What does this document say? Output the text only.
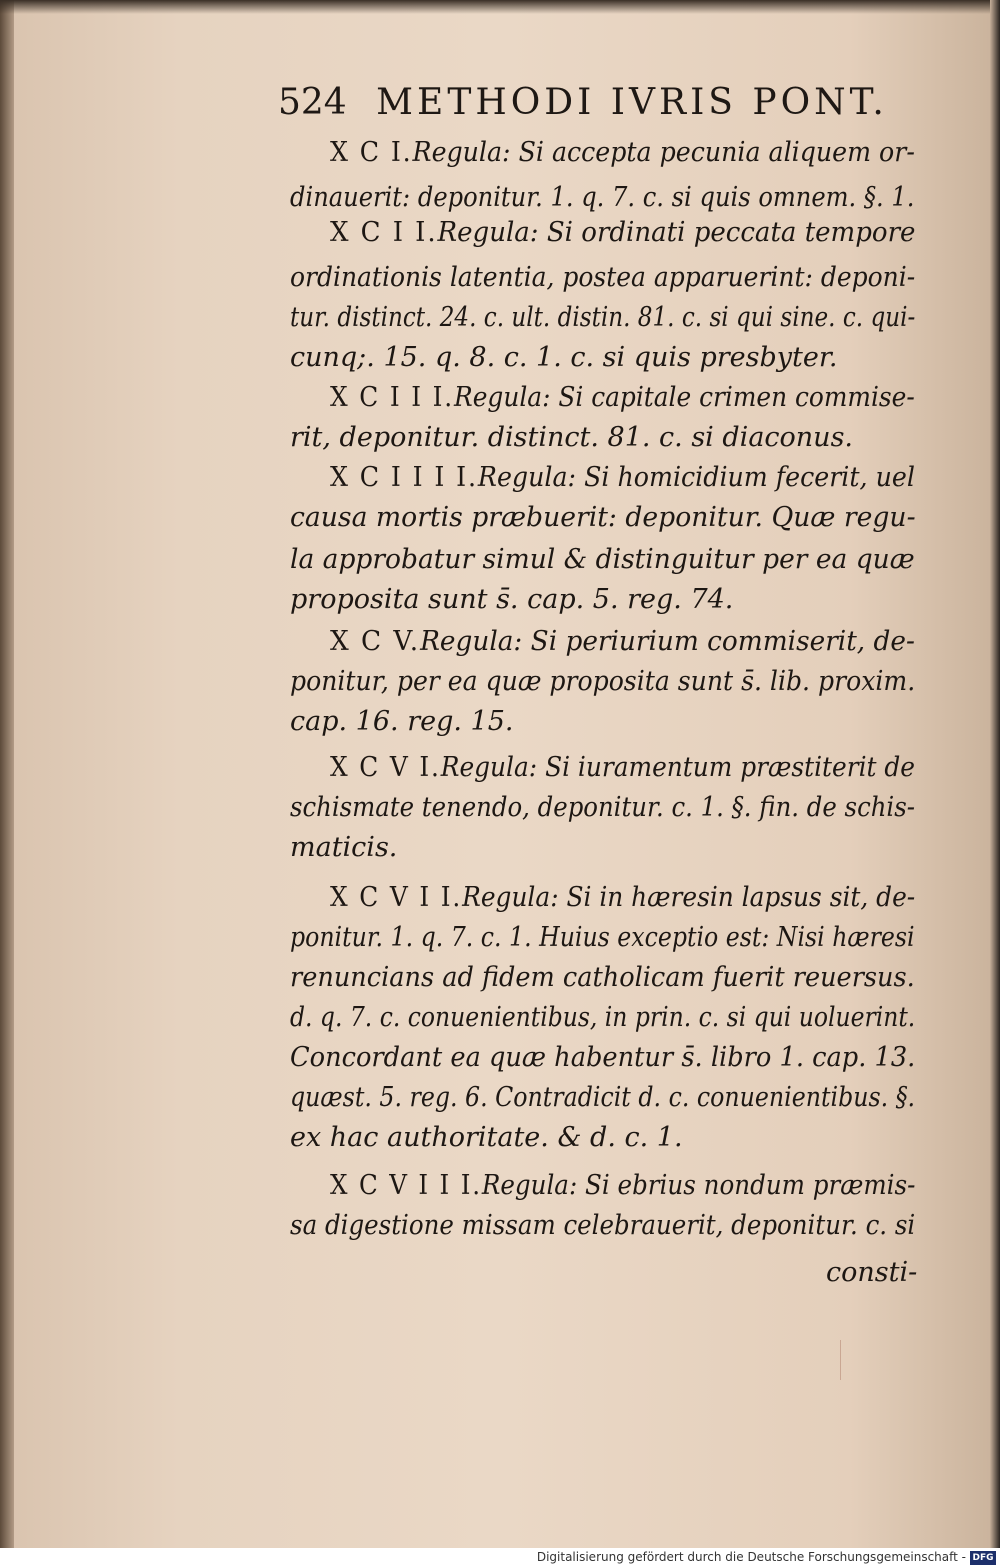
524 METHODI IVRIS PONT.
X C I.Regula: Si accepta pecunia aliquem or-
dinauerit: deponitur. 1. q. 7. c. si quis omnem. §. 1.
X C I I.Regula: Si ordinati peccata tempore
ordinationis latentia, postea apparuerint: deponi-
tur. distinct. 24. c. ult. distin. 81. c. si qui sine. c. qui-
cunq;. 15. q. 8. c. 1. c. si quis presbyter.
X C I I I.Regula: Si capitale crimen commise-
rit, deponitur. distinct. 81. c. si diaconus.
X C I I I I.Regula: Si homicidium fecerit, uel
causa mortis præbuerit: deponitur. Quæ regu-
la approbatur simul & distinguitur per ea quæ
proposita sunt s̄. cap. 5. reg. 74.
X C V.Regula: Si periurium commiserit, de-
ponitur, per ea quæ proposita sunt s̄. lib. proxim.
cap. 16. reg. 15.
X C V I.Regula: Si iuramentum præstiterit de
schismate tenendo, deponitur. c. 1. §. fin. de schis-
maticis.
X C V I I.Regula: Si in hæresin lapsus sit, de-
ponitur. 1. q. 7. c. 1. Huius exceptio est: Nisi hæresi
renuncians ad fidem catholicam fuerit reuersus.
d. q. 7. c. conuenientibus, in prin. c. si qui uoluerint.
Concordant ea quæ habentur s̄. libro 1. cap. 13.
quæst. 5. reg. 6. Contradicit d. c. conuenientibus. §.
ex hac authoritate. & d. c. 1.
X C V I I I.Regula: Si ebrius nondum præmis-
sa digestione missam celebrauerit, deponitur. c. si
consti-
Digitalisierung gefördert durch die Deutsche Forschungsgemeinschaft - DFG
